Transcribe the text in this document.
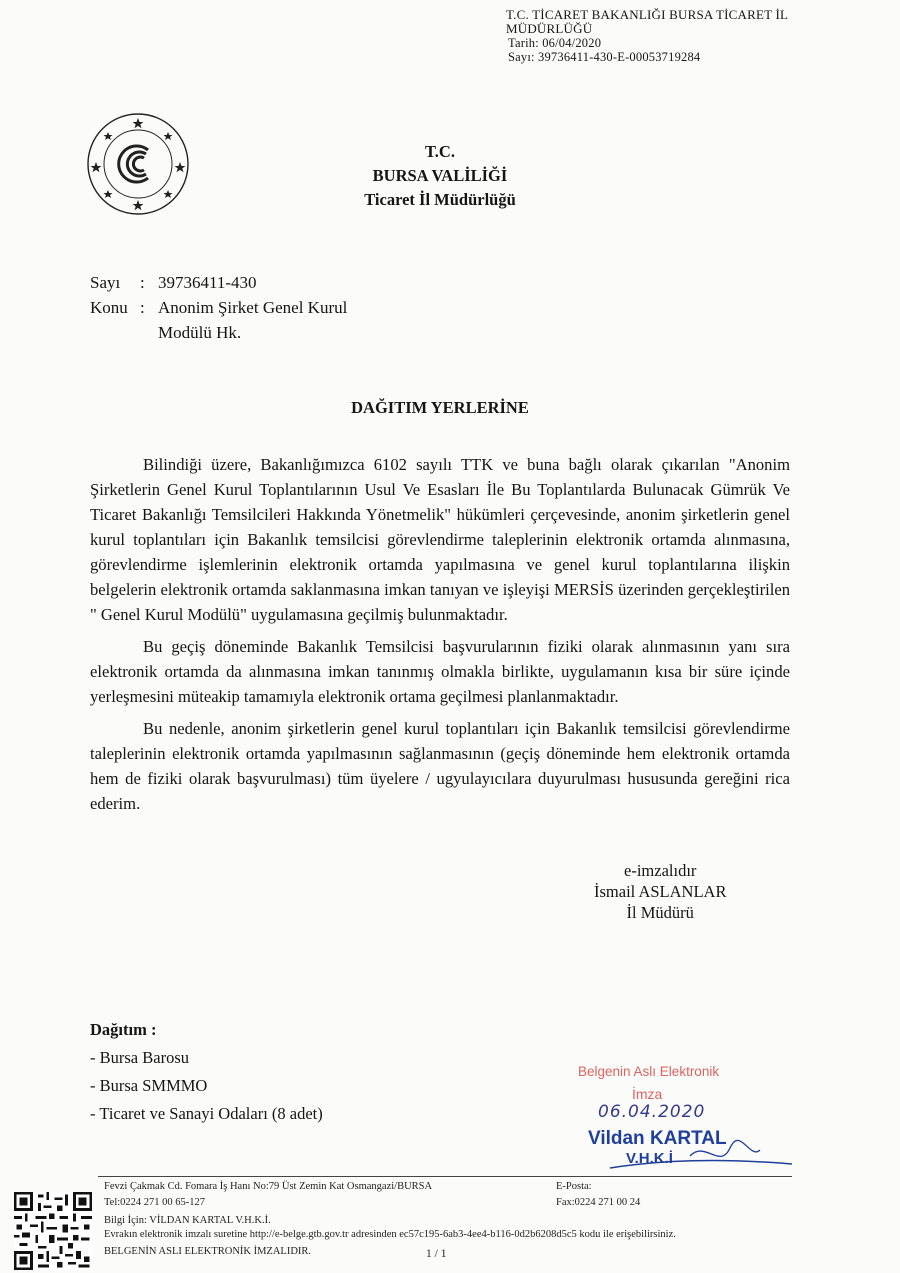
T.C. TİCARET BAKANLIĞI BURSA TİCARET İL
MÜDÜRLÜĞÜ
Tarih: 06/04/2020
Sayı: 39736411-430-E-00053719284
T.C.
BURSA VALİLİĞİ
Ticaret İl Müdürlüğü
Sayı	: 39736411-430
Konu : Anonim Şirket Genel Kurul
Modülü Hk.
DAĞITIM YERLERİNE

Bilindiği üzere, Bakanlığımızca 6102 sayılı TTK ve buna bağlı olarak çıkarılan "Anonim Şirketlerin Genel Kurul Toplantılarının Usul Ve Esasları İle Bu Toplantılarda Bulunacak Gümrük Ve Ticaret Bakanlığı Temsilcileri Hakkında Yönetmelik" hükümleri çerçevesinde, anonim şirketlerin genel kurul toplantıları için Bakanlık temsilcisi görevlendirme taleplerinin elektronik ortamda alınmasına, görevlendirme işlemlerinin elektronik ortamda yapılmasına ve genel kurul toplantılarına ilişkin belgelerin elektronik ortamda saklanmasına imkan tanıyan ve işleyişi MERSİS üzerinden gerçekleştirilen " Genel Kurul Modülü" uygulamasına geçilmiş bulunmaktadır.

Bu geçiş döneminde Bakanlık Temsilcisi başvurularının fiziki olarak alınmasının yanı sıra elektronik ortamda da alınmasına imkan tanınmış olmakla birlikte, uygulamanın kısa bir süre içinde yerleşmesini müteakip tamamıyla elektronik ortama geçilmesi planlanmaktadır.

Bu nedenle, anonim şirketlerin genel kurul toplantıları için Bakanlık temsilcisi görevlendirme taleplerinin elektronik ortamda yapılmasının sağlanmasının (geçiş döneminde hem elektronik ortamda hem de fiziki olarak başvurulması) tüm üyelere / ugyulayıcılara duyurulması hususunda gereğini rica ederim.

e-imzalıdır
İsmail ASLANLAR
İl Müdürü
Dağıtım :
- Bursa Barosu
- Bursa SMMMO
- Ticaret ve Sanayi Odaları (8 adet)
Belgenin Aslı Elektronik
İmza
06.04.2020
Vildan KARTAL
V.H.K.İ
Fevzi Çakmak Cd. Fomara İş Hanı No:79 Üst Zemin Kat Osmangazi/BURSA	E-Posta:
Tel:0224 271 00 65-127	Fax:0224 271 00 24
Bilgi İçin: VİLDAN KARTAL V.H.K.İ.
Evrakın elektronik imzalı suretine http://e-belge.gtb.gov.tr adresinden ec57c195-6ab3-4ee4-b116-0d2b6208d5c5 kodu ile erişebilirsiniz.
BELGENİN ASLI ELEKTRONİK İMZALIDIR.	1 / 1
